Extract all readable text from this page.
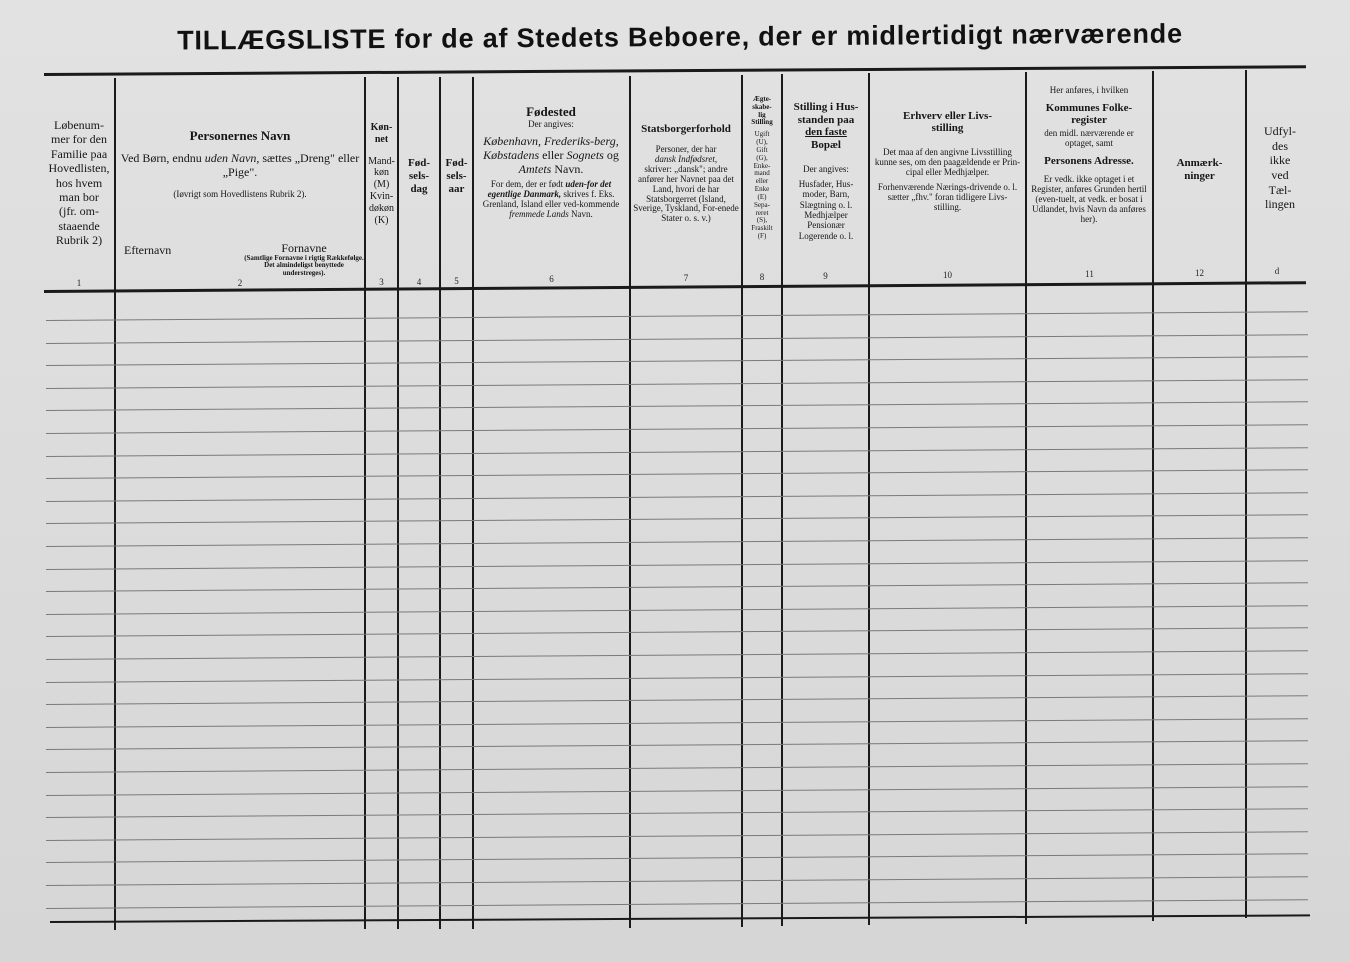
TILLÆGSLISTE for de af Stedets Beboere, der er midlertidigt nærværende
Løbenum-
mer for den
Familie paa
Hovedlisten,
hos hvem
man bor
(jfr. om-
staaende
Rubrik 2)
1
Personernes Navn
Ved Børn, endnu uden Navn, sættes „Dreng" eller „Pige".
(Iøvrigt som Hovedlistens Rubrik 2).
Efternavn	Fornavne
(Samtlige Fornavne i rigtig Rækkefølge. Det almindeligst benyttede understreges).
2
Køn-
net
Mand-
køn
(M)
Kvin-
døkøn
(K)
3
Fød-
sels-
dag
4
Fød-
sels-
aar
5
Fødested
Der angives:
København, Frederiks-berg, Købstadens eller Sognets og Amtets Navn.
For dem, der er født uden-for det egentlige Danmark, skrives f. Eks.
Grenland, Island eller ved-kommende fremmede Lands Navn.
6
Statsborgerforhold
Personer, der har
dansk Indfødsret,
skriver: „dansk"; andre anfører her Navnet paa det Land, hvori de har Statsborgerret (Island, Sverige, Tyskland, For-enede Stater o. s. v.)
7
Ægte-
skabe-
lig
Stilling
Ugift
(U),
Gift
(G),
Enke-
mand
eller
Enke
(E)
Sepa-
reret
(S),
Fraskilt
(F)
8
Stilling i Hus-
standen paa
den faste
Bopæl
Der angives:
Husfader, Hus-
moder, Barn,
Slægtning o. l.
Medhjælper
Pensionær
Logerende o. l.
9
Erhverv eller Livs-
stilling
Det maa af den angivne Livsstilling kunne ses, om den paagældende er Prin-cipal eller Medhjælper.
Forhenværende Nærings-drivende o. l. sætter „fhv." foran tidligere Livs-stilling.
10
Her anføres, i hvilken
Kommunes Folke-
register
den midl. nærværende er optaget, samt
Personens Adresse.
Er vedk. ikke optaget i et Register, anføres Grunden hertil (even-tuelt, at vedk. er bosat i Udlandet, hvis Navn da anføres her).
11
Anmærk-
ninger
12
Udfyl-
des
ikke
ved
Tæl-
lingen
d
